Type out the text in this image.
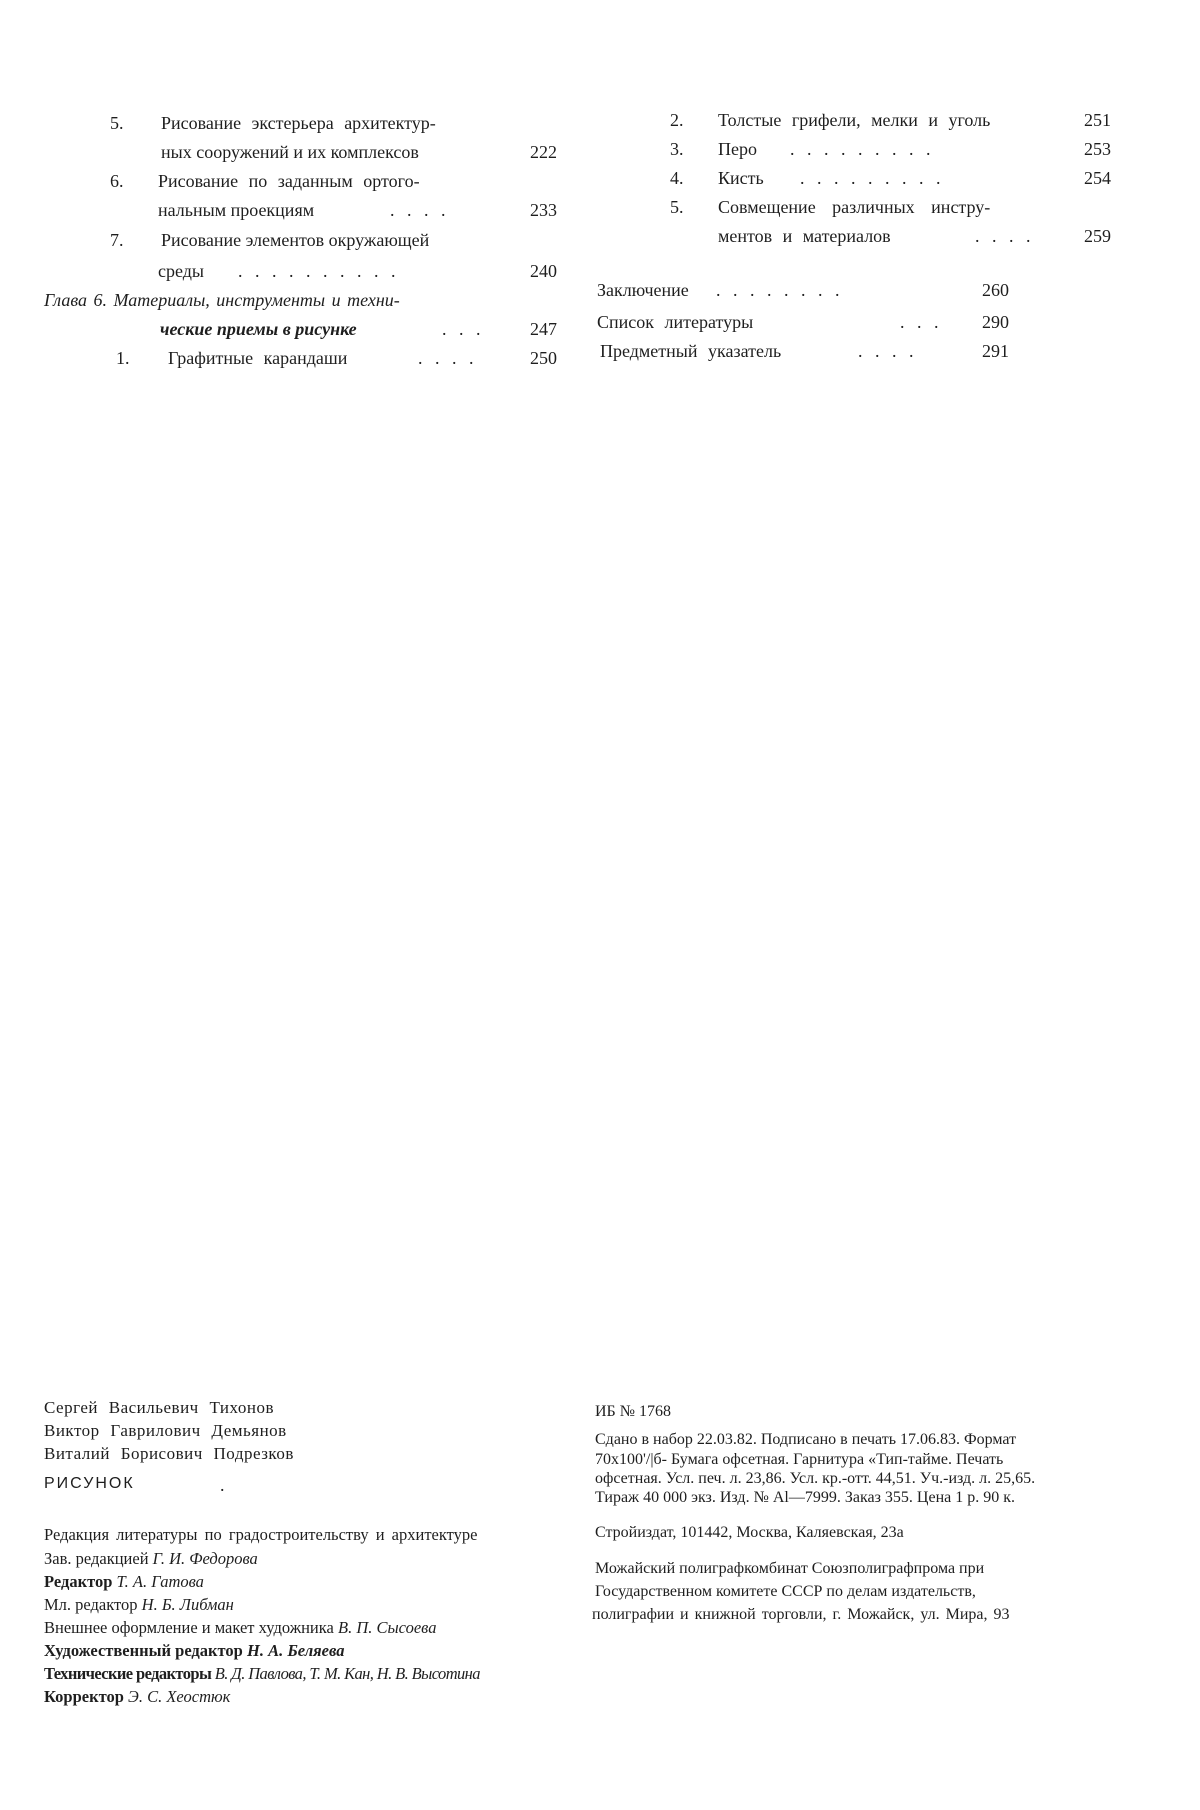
5. Рисование экстерьера архитектур-
ных сооружений и их комплексов	222
6. Рисование по заданным ортого-
нальным проекциям	. . . .	233
7. Рисование элементов окружающей
среды . . . . . . . . . .	240
Глава 6. Материалы, инструменты и техни-
ческие приемы в рисунке	. . .	247
1. Графитные карандаши	. . . .	250
2. Толстые грифели, мелки и уголь	251
3. Перо . . . . . . . . .	253
4. Кисть . . . . . . . . .	254
5. Совмещение различных инстру-
ментов и материалов	. . . .	259
Заключение . . . . . . . .	260
Список литературы	. . . 290
Предметный указатель	. . . .	291
Сергей Васильевич Тихонов
Виктор Гаврилович Демьянов
Виталий Борисович Подрезков
РИСУНОК	.
Редакция литературы по градостроительству и архитектуре
Зав. редакцией Г. И. Федорова
Редактор Т. А. Гатова
Мл. редактор Н. Б. Либман
Внешнее оформление и макет художника В. П. Сысоева
Художественный редактор Н. А. Беляева
Технические редакторы В. Д. Павлова, Т. М. Кан, Н. В. Высотина
Корректор Э. С. Хеостюк
ИБ № 1768
Сдано в набор 22.03.82. Подписано в печать 17.06.83. Формат
70х100'/|б- Бумага офсетная. Гарнитура «Тип-тайме. Печать
офсетная. Усл. печ. л. 23,86. Усл. кр.-отт. 44,51. Уч.-изд. л. 25,65.
Тираж 40 000 экз. Изд. № Al—7999. Заказ 355. Цена 1 р. 90 к.
Стройиздат, 101442, Москва, Каляевская, 23а
Можайский полиграфкомбинат Союзполиграфпрома при
Государственном комитете СССР по делам издательств,
полиграфии и книжной торговли, г. Можайск, ул. Мира, 93
